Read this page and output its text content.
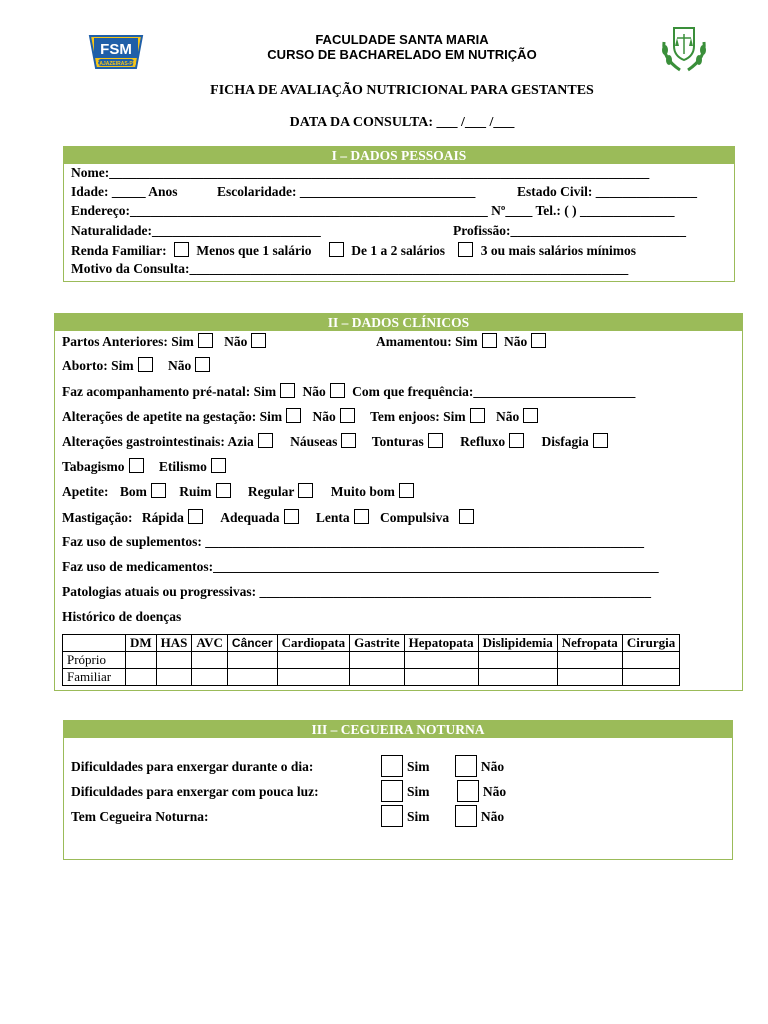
FSM
CAJAZEIRAS-PB
FACULDADE SANTA MARIA
CURSO DE BACHARELADO EM NUTRIÇÃO
FICHA DE AVALIAÇÃO NUTRICIONAL PARA GESTANTES
DATA DA CONSULTA: ___ /___ /___
I – DADOS PESSOAIS
Nome:________________________________________________________________________________
Idade: _____ Anos	Escolaridade: __________________________	Estado Civil: _______________
Endereço:_____________________________________________________ Nº____ Tel.: ( ) ______________
Naturalidade:_________________________	Profissão:__________________________
Renda Familiar: Menos que 1 salário	De 1 a 2 salários	3 ou mais salários mínimos
Motivo da Consulta:_________________________________________________________________
II – DADOS CLÍNICOS
Partos Anteriores: Sim Não	Amamentou: Sim Não
Aborto: Sim	Não
Faz acompanhamento pré-natal: Sim Não Com que frequência:________________________
Alterações de apetite na gestação: Sim Não	Tem enjoos: Sim Não
Alterações gastrointestinais: Azia	Náuseas	Tonturas	Refluxo	Disfagia
Tabagismo	Etilismo
Apetite: Bom Ruim	Regular	Muito bom
Mastigação: Rápida	Adequada	Lenta Compulsiva
Faz uso de suplementos: _________________________________________________________________
Faz uso de medicamentos:__________________________________________________________________
Patologias atuais ou progressivas: __________________________________________________________
Histórico de doenças
	DM	HAS	AVC	Câncer	Cardiopata	Gastrite	Hepatopata	Dislipidemia	Nefropata	Cirurgia
Próprio										
Familiar										
III – CEGUEIRA NOTURNA
Dificuldades para enxergar durante o dia:	Sim	Não
Dificuldades para enxergar com pouca luz:	Sim	Não
Tem Cegueira Noturna:	Sim	Não
